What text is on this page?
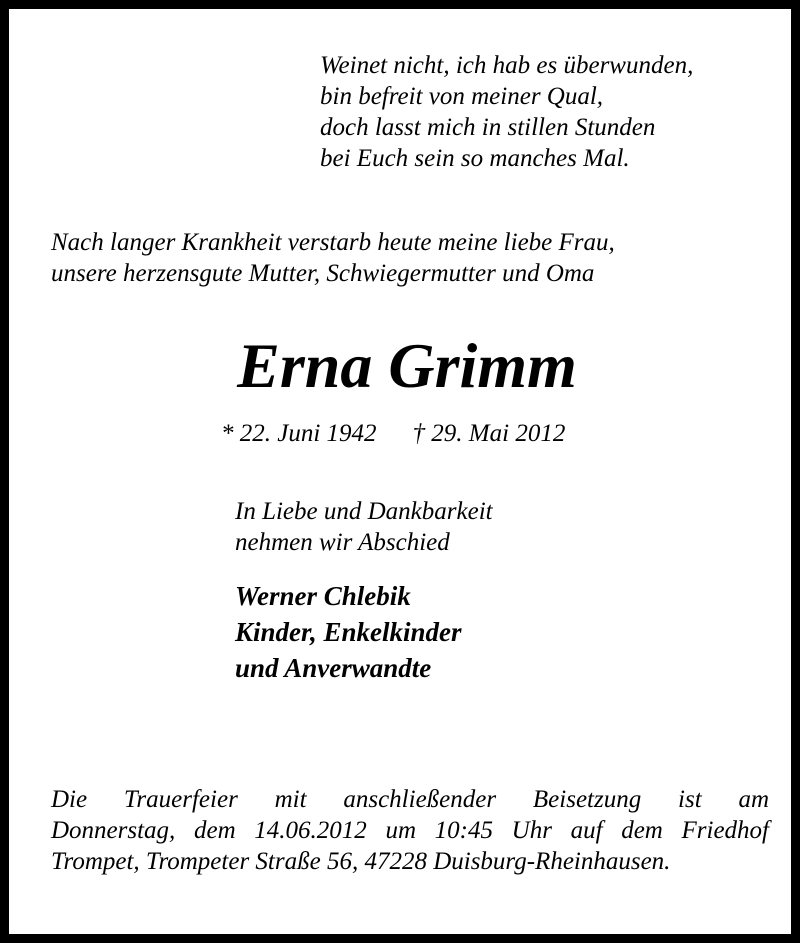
Weinet nicht, ich hab es überwunden,
bin befreit von meiner Qual,
doch lasst mich in stillen Stunden
bei Euch sein so manches Mal.
Nach langer Krankheit verstarb heute meine liebe Frau,
unsere herzensgute Mutter, Schwiegermutter und Oma
Erna Grimm
* 22. Juni 1942 † 29. Mai 2012
In Liebe und Dankbarkeit
nehmen wir Abschied
Werner Chlebik
Kinder, Enkelkinder
und Anverwandte
Die Trauerfeier mit anschließender Beisetzung ist am
Donnerstag, dem 14.06.2012 um 10:45 Uhr auf dem Friedhof
Trompet, Trompeter Straße 56, 47228 Duisburg-Rheinhausen.
